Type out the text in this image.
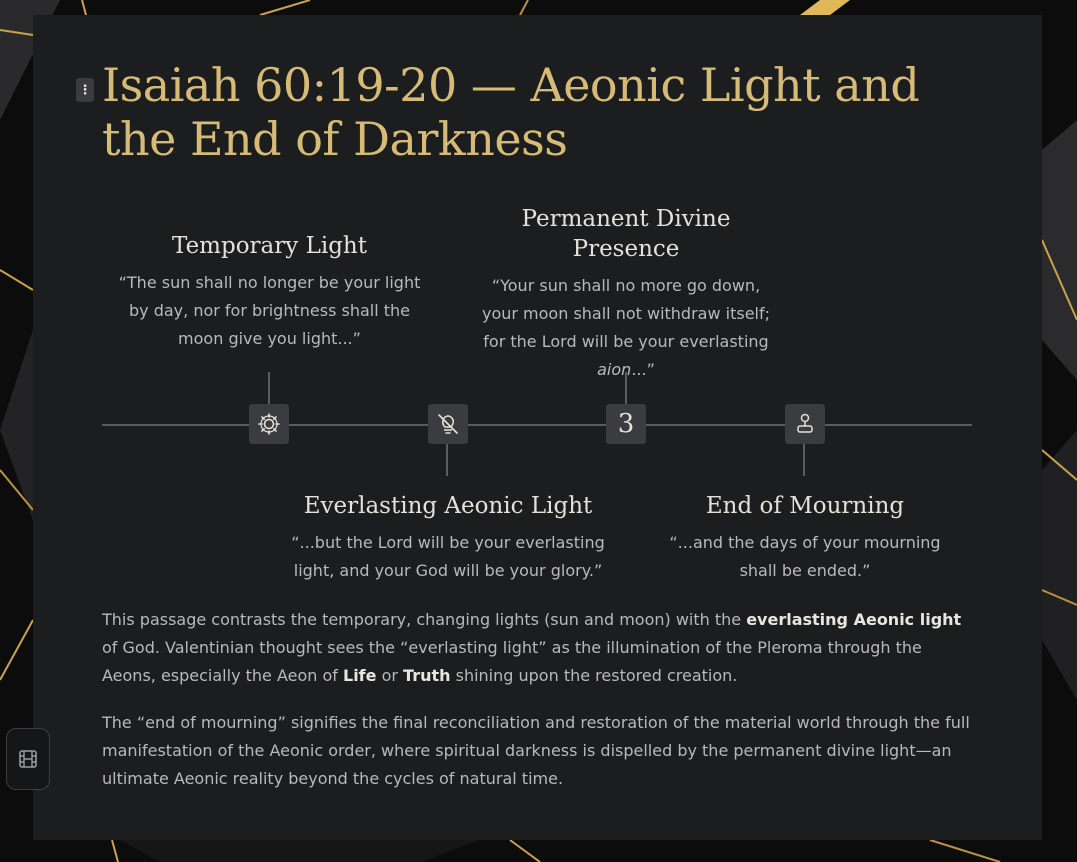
⋮ Isaiah 60:19-20 — Aeonic Light and the End of Darkness
3
Temporary Light
“The sun shall no longer be your light by day, nor for brightness shall the moon give you light...”
Permanent Divine Presence
“Your sun shall no more go down, your moon shall not withdraw itself; for the Lord will be your everlasting aion...”
Everlasting Aeonic Light
“...but the Lord will be your everlasting light, and your God will be your glory.”
End of Mourning
“...and the days of your mourning shall be ended.”

This passage contrasts the temporary, changing lights (sun and moon) with the everlasting Aeonic light of God. Valentinian thought sees the “everlasting light” as the illumination of the Pleroma through the Aeons, especially the Aeon of Life or Truth shining upon the restored creation.

The “end of mourning” signifies the final reconciliation and restoration of the material world through the full manifestation of the Aeonic order, where spiritual darkness is dispelled by the permanent divine light—an ultimate Aeonic reality beyond the cycles of natural time.
